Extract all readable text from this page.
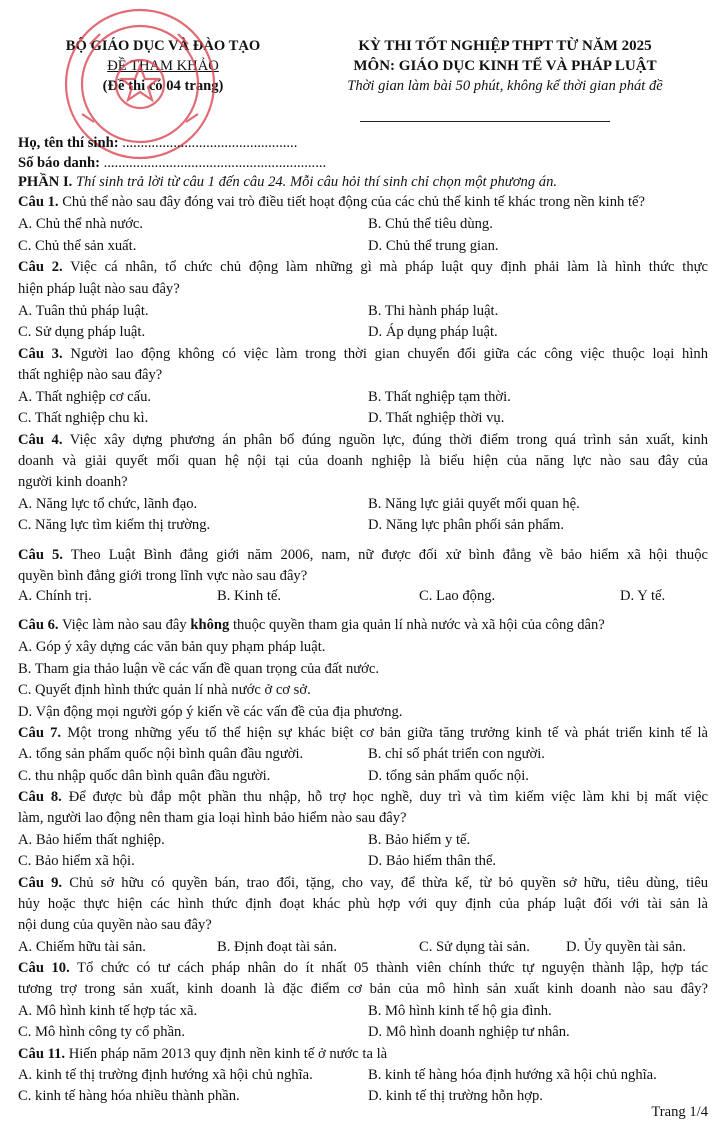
BỘ GIÁO DỤC VÀ ĐÀO TẠO
ĐỀ THAM KHẢO
(Đề thi có 04 trang)
KỲ THI TỐT NGHIỆP THPT TỪ NĂM 2025
MÔN: GIÁO DỤC KINH TẾ VÀ PHÁP LUẬT
Thời gian làm bài 50 phút, không kể thời gian phát đề
Họ, tên thí sinh: ................................................
Số báo danh: .............................................................
PHẦN I. Thí sinh trả lời từ câu 1 đến câu 24. Mỗi câu hỏi thí sinh chỉ chọn một phương án.
Câu 1. Chủ thể nào sau đây đóng vai trò điều tiết hoạt động của các chủ thể kinh tế khác trong nền kinh tế?
A. Chủ thể nhà nước.	B. Chủ thể tiêu dùng.
C. Chủ thể sản xuất.	D. Chủ thể trung gian.
Câu 2. Việc cá nhân, tổ chức chủ động làm những gì mà pháp luật quy định phải làm là hình thức thực
hiện pháp luật nào sau đây?
A. Tuân thủ pháp luật.	B. Thi hành pháp luật.
C. Sử dụng pháp luật.	D. Áp dụng pháp luật.
Câu 3. Người lao động không có việc làm trong thời gian chuyển đổi giữa các công việc thuộc loại hình
thất nghiệp nào sau đây?
A. Thất nghiệp cơ cấu.	B. Thất nghiệp tạm thời.
C. Thất nghiệp chu kì.	D. Thất nghiệp thời vụ.
Câu 4. Việc xây dựng phương án phân bổ đúng nguồn lực, đúng thời điểm trong quá trình sản xuất, kinh
doanh và giải quyết mối quan hệ nội tại của doanh nghiệp là biểu hiện của năng lực nào sau đây của
người kinh doanh?
A. Năng lực tổ chức, lãnh đạo.	B. Năng lực giải quyết mối quan hệ.
C. Năng lực tìm kiếm thị trường.	D. Năng lực phân phối sản phẩm.
Câu 5. Theo Luật Bình đẳng giới năm 2006, nam, nữ được đối xử bình đẳng về bảo hiểm xã hội thuộc
quyền bình đẳng giới trong lĩnh vực nào sau đây?
A. Chính trị.	B. Kinh tế.	C. Lao động.	D. Y tế.
Câu 6. Việc làm nào sau đây không thuộc quyền tham gia quản lí nhà nước và xã hội của công dân?
A. Góp ý xây dựng các văn bản quy phạm pháp luật.
B. Tham gia thảo luận về các vấn đề quan trọng của đất nước.
C. Quyết định hình thức quản lí nhà nước ở cơ sở.
D. Vận động mọi người góp ý kiến về các vấn đề của địa phương.
Câu 7. Một trong những yếu tố thể hiện sự khác biệt cơ bản giữa tăng trưởng kinh tế và phát triển kinh tế là
A. tổng sản phẩm quốc nội bình quân đầu người.	B. chỉ số phát triển con người.
C. thu nhập quốc dân bình quân đầu người.	D. tổng sản phẩm quốc nội.
Câu 8. Để được bù đắp một phần thu nhập, hỗ trợ học nghề, duy trì và tìm kiếm việc làm khi bị mất việc
làm, người lao động nên tham gia loại hình bảo hiểm nào sau đây?
A. Bảo hiểm thất nghiệp.	B. Bảo hiểm y tế.
C. Bảo hiểm xã hội.	D. Bảo hiểm thân thể.
Câu 9. Chủ sở hữu có quyền bán, trao đổi, tặng, cho vay, để thừa kế, từ bỏ quyền sở hữu, tiêu dùng, tiêu
hủy hoặc thực hiện các hình thức định đoạt khác phù hợp với quy định của pháp luật đối với tài sản là
nội dung của quyền nào sau đây?
A. Chiếm hữu tài sản.	B. Định đoạt tài sản.	C. Sử dụng tài sản. D. Ủy quyền tài sản.
Câu 10. Tổ chức có tư cách pháp nhân do ít nhất 05 thành viên chính thức tự nguyện thành lập, hợp tác
tương trợ trong sản xuất, kinh doanh là đặc điểm cơ bản của mô hình sản xuất kinh doanh nào sau đây?
A. Mô hình kinh tế hợp tác xã.	B. Mô hình kinh tế hộ gia đình.
C. Mô hình công ty cổ phần.	D. Mô hình doanh nghiệp tư nhân.
Câu 11. Hiến pháp năm 2013 quy định nền kinh tế ở nước ta là
A. kinh tế thị trường định hướng xã hội chủ nghĩa.	B. kinh tế hàng hóa định hướng xã hội chủ nghĩa.
C. kinh tế hàng hóa nhiều thành phần.	D. kinh tế thị trường hỗn hợp.
Trang 1/4
